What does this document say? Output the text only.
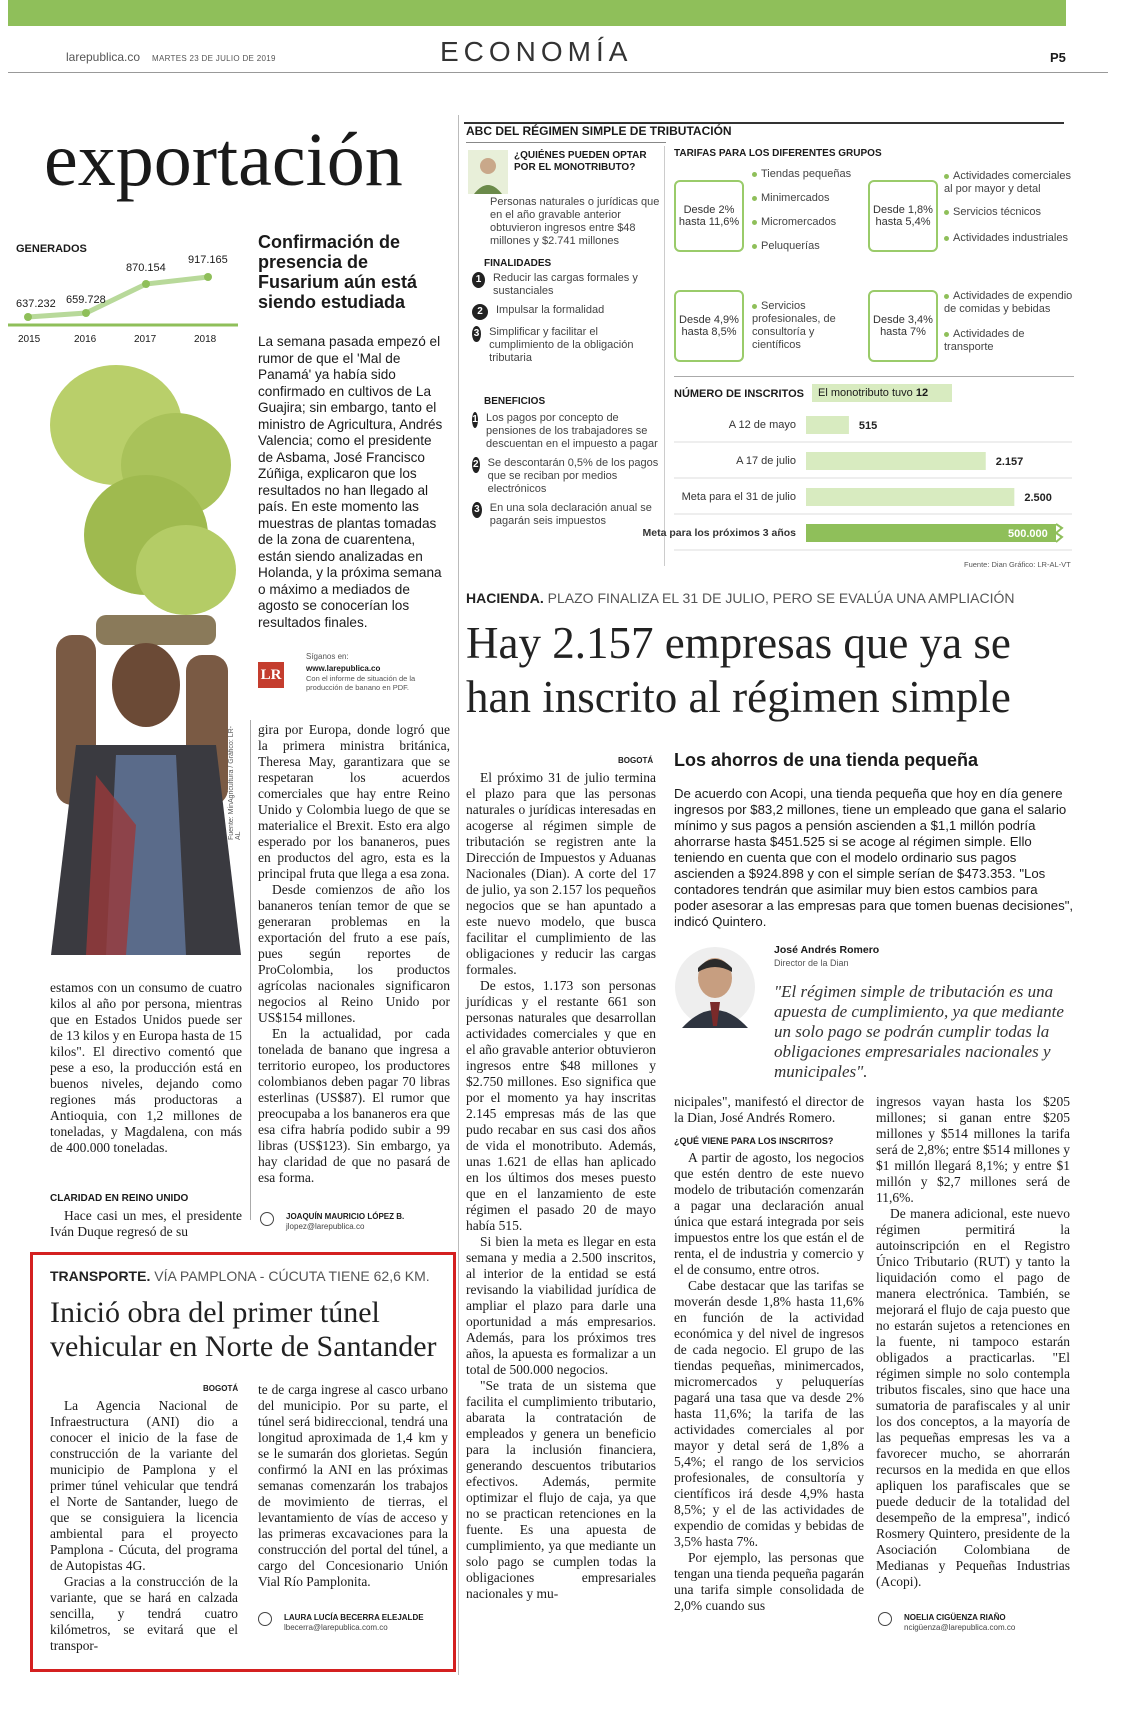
larepublica.co MARTES 23 DE JULIO DE 2019	ECONOMÍA	P5
exportación
GENERADOS
637.232 659.728
870.154
917.165
2015	2016	2017	2018
Fuente: MinAgricultura / Gráfico: LR-AL
Confirmación de presencia de Fusarium aún está siendo estudiada
La semana pasada empezó el rumor de que el 'Mal de Panamá' ya había sido confirmado en cultivos de La Guajira; sin embargo, tanto el ministro de Agricultura, Andrés Valencia; como el presidente de Asbama, José Francisco Zúñiga, explicaron que los resultados no han llegado al país. En este momento las muestras de plantas tomadas de la zona de cuarentena, están siendo analizadas en Holanda, y la próxima semana o máximo a mediados de agosto se conocerían los resultados finales.
LR
Síganos en:
www.larepublica.co
Con el informe de situación de la producción de banano en PDF.

gira por Europa, donde logró que la primera ministra británica, Theresa May, garantizara que se respetaran los acuerdos comerciales que hay entre Reino Unido y Colombia luego de que se materialice el Brexit. Esto era algo esperado por los bananeros, pues en productos del agro, esta es la principal fruta que llega a esa zona.

Desde comienzos de año los bananeros tenían temor de que se generaran problemas en la exportación del fruto a ese país, pues según reportes de ProColombia, los productos agrícolas nacionales significaron negocios al Reino Unido por US$154 millones.

En la actualidad, por cada tonelada de banano que ingresa a territorio europeo, los productores colombianos deben pagar 70 libras esterlinas (US$87). El rumor que preocupaba a los bananeros era que esa cifra habría podido subir a 99 libras (US$123). Sin embargo, ya hay claridad de que no pasará de esa forma.

estamos con un consumo de cuatro kilos al año por persona, mientras que en Estados Unidos puede ser de 13 kilos y en Europa hasta de 15 kilos". El directivo comentó que pese a eso, la producción está en buenos niveles, dejando como regiones más productoras a Antioquia, con 1,2 millones de toneladas, y Magdalena, con más de 400.000 toneladas.
CLARIDAD EN REINO UNIDO
Hace casi un mes, el presidente Iván Duque regresó de su
JOAQUÍN MAURICIO LÓPEZ B.
jlopez@larepublica.co
TRANSPORTE. VÍA PAMPLONA - CÚCUTA TIENE 62,6 KM.
Inició obra del primer túnel vehicular en Norte de Santander
BOGOTÁ

La Agencia Nacional de Infraestructura (ANI) dio a conocer el inicio de la fase de construcción de la variante del municipio de Pamplona y el primer túnel vehicular que tendrá el Norte de Santander, luego de que se consiguiera la licencia ambiental para el proyecto Pamplona - Cúcuta, del programa de Autopistas 4G.

Gracias a la construcción de la variante, que se hará en calzada sencilla, y tendrá cuatro kilómetros, se evitará que el transpor-

te de carga ingrese al casco urbano del municipio. Por su parte, el túnel será bidireccional, tendrá una longitud aproximada de 1,4 km y se le sumarán dos glorietas. Según confirmó la ANI en las próximas semanas comenzarán los trabajos de movimiento de tierras, el levantamiento de vías de acceso y las primeras excavaciones para la construcción del portal del túnel, a cargo del Concesionario Unión Vial Río Pamplonita.
LAURA LUCÍA BECERRA ELEJALDE
lbecerra@larepublica.com.co
ABC DEL RÉGIMEN SIMPLE DE TRIBUTACIÓN
¿QUIÉNES PUEDEN OPTAR POR EL MONOTRIBUTO?
Personas naturales o jurídicas que en el año gravable anterior obtuvieron ingresos entre $48 millones y $2.741 millones
FINALIDADES
1	Reducir las cargas formales y sustanciales
2	Impulsar la formalidad
3 Simplificar y facilitar el cumplimiento de la obligación tributaria
BENEFICIOS
1 Los pagos por concepto de pensiones de los trabajadores se descuentan en el impuesto a pagar
2 Se descontarán 0,5% de los pagos que se reciban por medios electrónicos
3 En una sola declaración anual se pagarán seis impuestos
TARIFAS PARA LOS DIFERENTES GRUPOS
Desde 2% hasta 11,6%
Tiendas pequeñas
Minimercados
Micromercados
Peluquerías
Desde 1,8% hasta 5,4%
Actividades comerciales al por mayor y detal
Servicios técnicos
Actividades industriales
Desde 4,9% hasta 8,5%
Servicios profesionales, de consultoría y científicos
Desde 3,4% hasta 7%
Actividades de expendio de comidas y bebidas
Actividades de transporte
NÚMERO DE INSCRITOS	El monotributo tuvo 12
A 12 de mayo	515
A 17 de julio	2.157
Meta para el 31 de julio	2.500
Meta para los próximos 3 años	500.000
Fuente: Dian Gráfico: LR-AL-VT
HACIENDA. PLAZO FINALIZA EL 31 DE JULIO, PERO SE EVALÚA UNA AMPLIACIÓN
Hay 2.157 empresas que ya se han inscrito al régimen simple
BOGOTÁ

El próximo 31 de julio termina el plazo para que las personas naturales o jurídicas interesadas en acogerse al régimen simple de tributación se registren ante la Dirección de Impuestos y Aduanas Nacionales (Dian). A corte del 17 de julio, ya son 2.157 los pequeños negocios que se han apuntado a este nuevo modelo, que busca facilitar el cumplimiento de las obligaciones y reducir las cargas formales.

De estos, 1.173 son personas jurídicas y el restante 661 son personas naturales que desarrollan actividades comerciales y que en el año gravable anterior obtuvieron ingresos entre $48 millones y $2.750 millones. Eso significa que por el momento ya hay inscritas 2.145 empresas más de las que pudo recabar en sus casi dos años de vida el monotributo. Además, unas 1.621 de ellas han aplicado en los últimos dos meses puesto que en el lanzamiento de este régimen el pasado 20 de mayo había 515.

Si bien la meta es llegar en esta semana y media a 2.500 inscritos, al interior de la entidad se está revisando la viabilidad jurídica de ampliar el plazo para darle una oportunidad a más empresarios. Además, para los próximos tres años, la apuesta es formalizar a un total de 500.000 negocios.

"Se trata de un sistema que facilita el cumplimiento tributario, abarata la contratación de empleados y genera un beneficio para la inclusión financiera, generando descuentos tributarios efectivos. Además, permite optimizar el flujo de caja, ya que no se practican retenciones en la fuente. Es una apuesta de cumplimiento, ya que mediante un solo pago se cumplen todas la obligaciones empresariales nacionales y mu-

Los ahorros de una tienda pequeña
De acuerdo con Acopi, una tienda pequeña que hoy en día genere ingresos por $83,2 millones, tiene un empleado que gana el salario mínimo y sus pagos a pensión ascienden a $1,1 millón podría ahorrarse hasta $451.525 si se acoge al régimen simple. Ello teniendo en cuenta que con el modelo ordinario sus pagos ascienden a $924.898 y con el simple serían de $473.353. "Los contadores tendrán que asimilar muy bien estos cambios para poder asesorar a las empresas para que tomen buenas decisiones", indicó Quintero.
José Andrés Romero
Director de la Dian
"El régimen simple de tributación es una apuesta de cumplimiento, ya que mediante un solo pago se podrán cumplir todas la obligaciones empresariales nacionales y municipales".
nicipales", manifestó el director de la Dian, José Andrés Romero.
¿QUÉ VIENE PARA LOS INSCRITOS?

A partir de agosto, los negocios que estén dentro de este nuevo modelo de tributación comenzarán a pagar una declaración anual única que estará integrada por seis impuestos entre los que están el de renta, el de industria y comercio y el de consumo, entre otros.

Cabe destacar que las tarifas se moverán desde 1,8% hasta 11,6% en función de la actividad económica y del nivel de ingresos de cada negocio. El grupo de las tiendas pequeñas, minimercados, micromercados y peluquerías pagará una tasa que va desde 2% hasta 11,6%; la tarifa de las actividades comerciales al por mayor y detal será de 1,8% a 5,4%; el rango de los servicios profesionales, de consultoría y científicos irá desde 4,9% hasta 8,5%; y el de las actividades de expendio de comidas y bebidas de 3,5% hasta 7%.

Por ejemplo, las personas que tengan una tienda pequeña pagarán una tarifa simple consolidada de 2,0% cuando sus

ingresos vayan hasta los $205 millones; si ganan entre $205 millones y $514 millones la tarifa será de 2,8%; entre $514 millones y $1 millón llegará 8,1%; y entre $1 millón y $2,7 millones será de 11,6%.

De manera adicional, este nuevo régimen permitirá la autoinscripción en el Registro Único Tributario (RUT) y tanto la liquidación como el pago de manera electrónica. También, se mejorará el flujo de caja puesto que no estarán sujetos a retenciones en la fuente, ni tampoco estarán obligados a practicarlas. "El régimen simple no solo contempla tributos fiscales, sino que hace una sumatoria de parafiscales y al unir los dos conceptos, a la mayoría de las pequeñas empresas les va a favorecer mucho, se ahorrarán recursos en la medida en que ellos apliquen los parafiscales que se puede deducir de la totalidad del desempeño de la empresa", indicó Rosmery Quintero, presidente de la Asociación Colombiana de Medianas y Pequeñas Industrias (Acopi).

NOELIA CIGÜENZA RIAÑO
ncigüenza@larepublica.com.co
